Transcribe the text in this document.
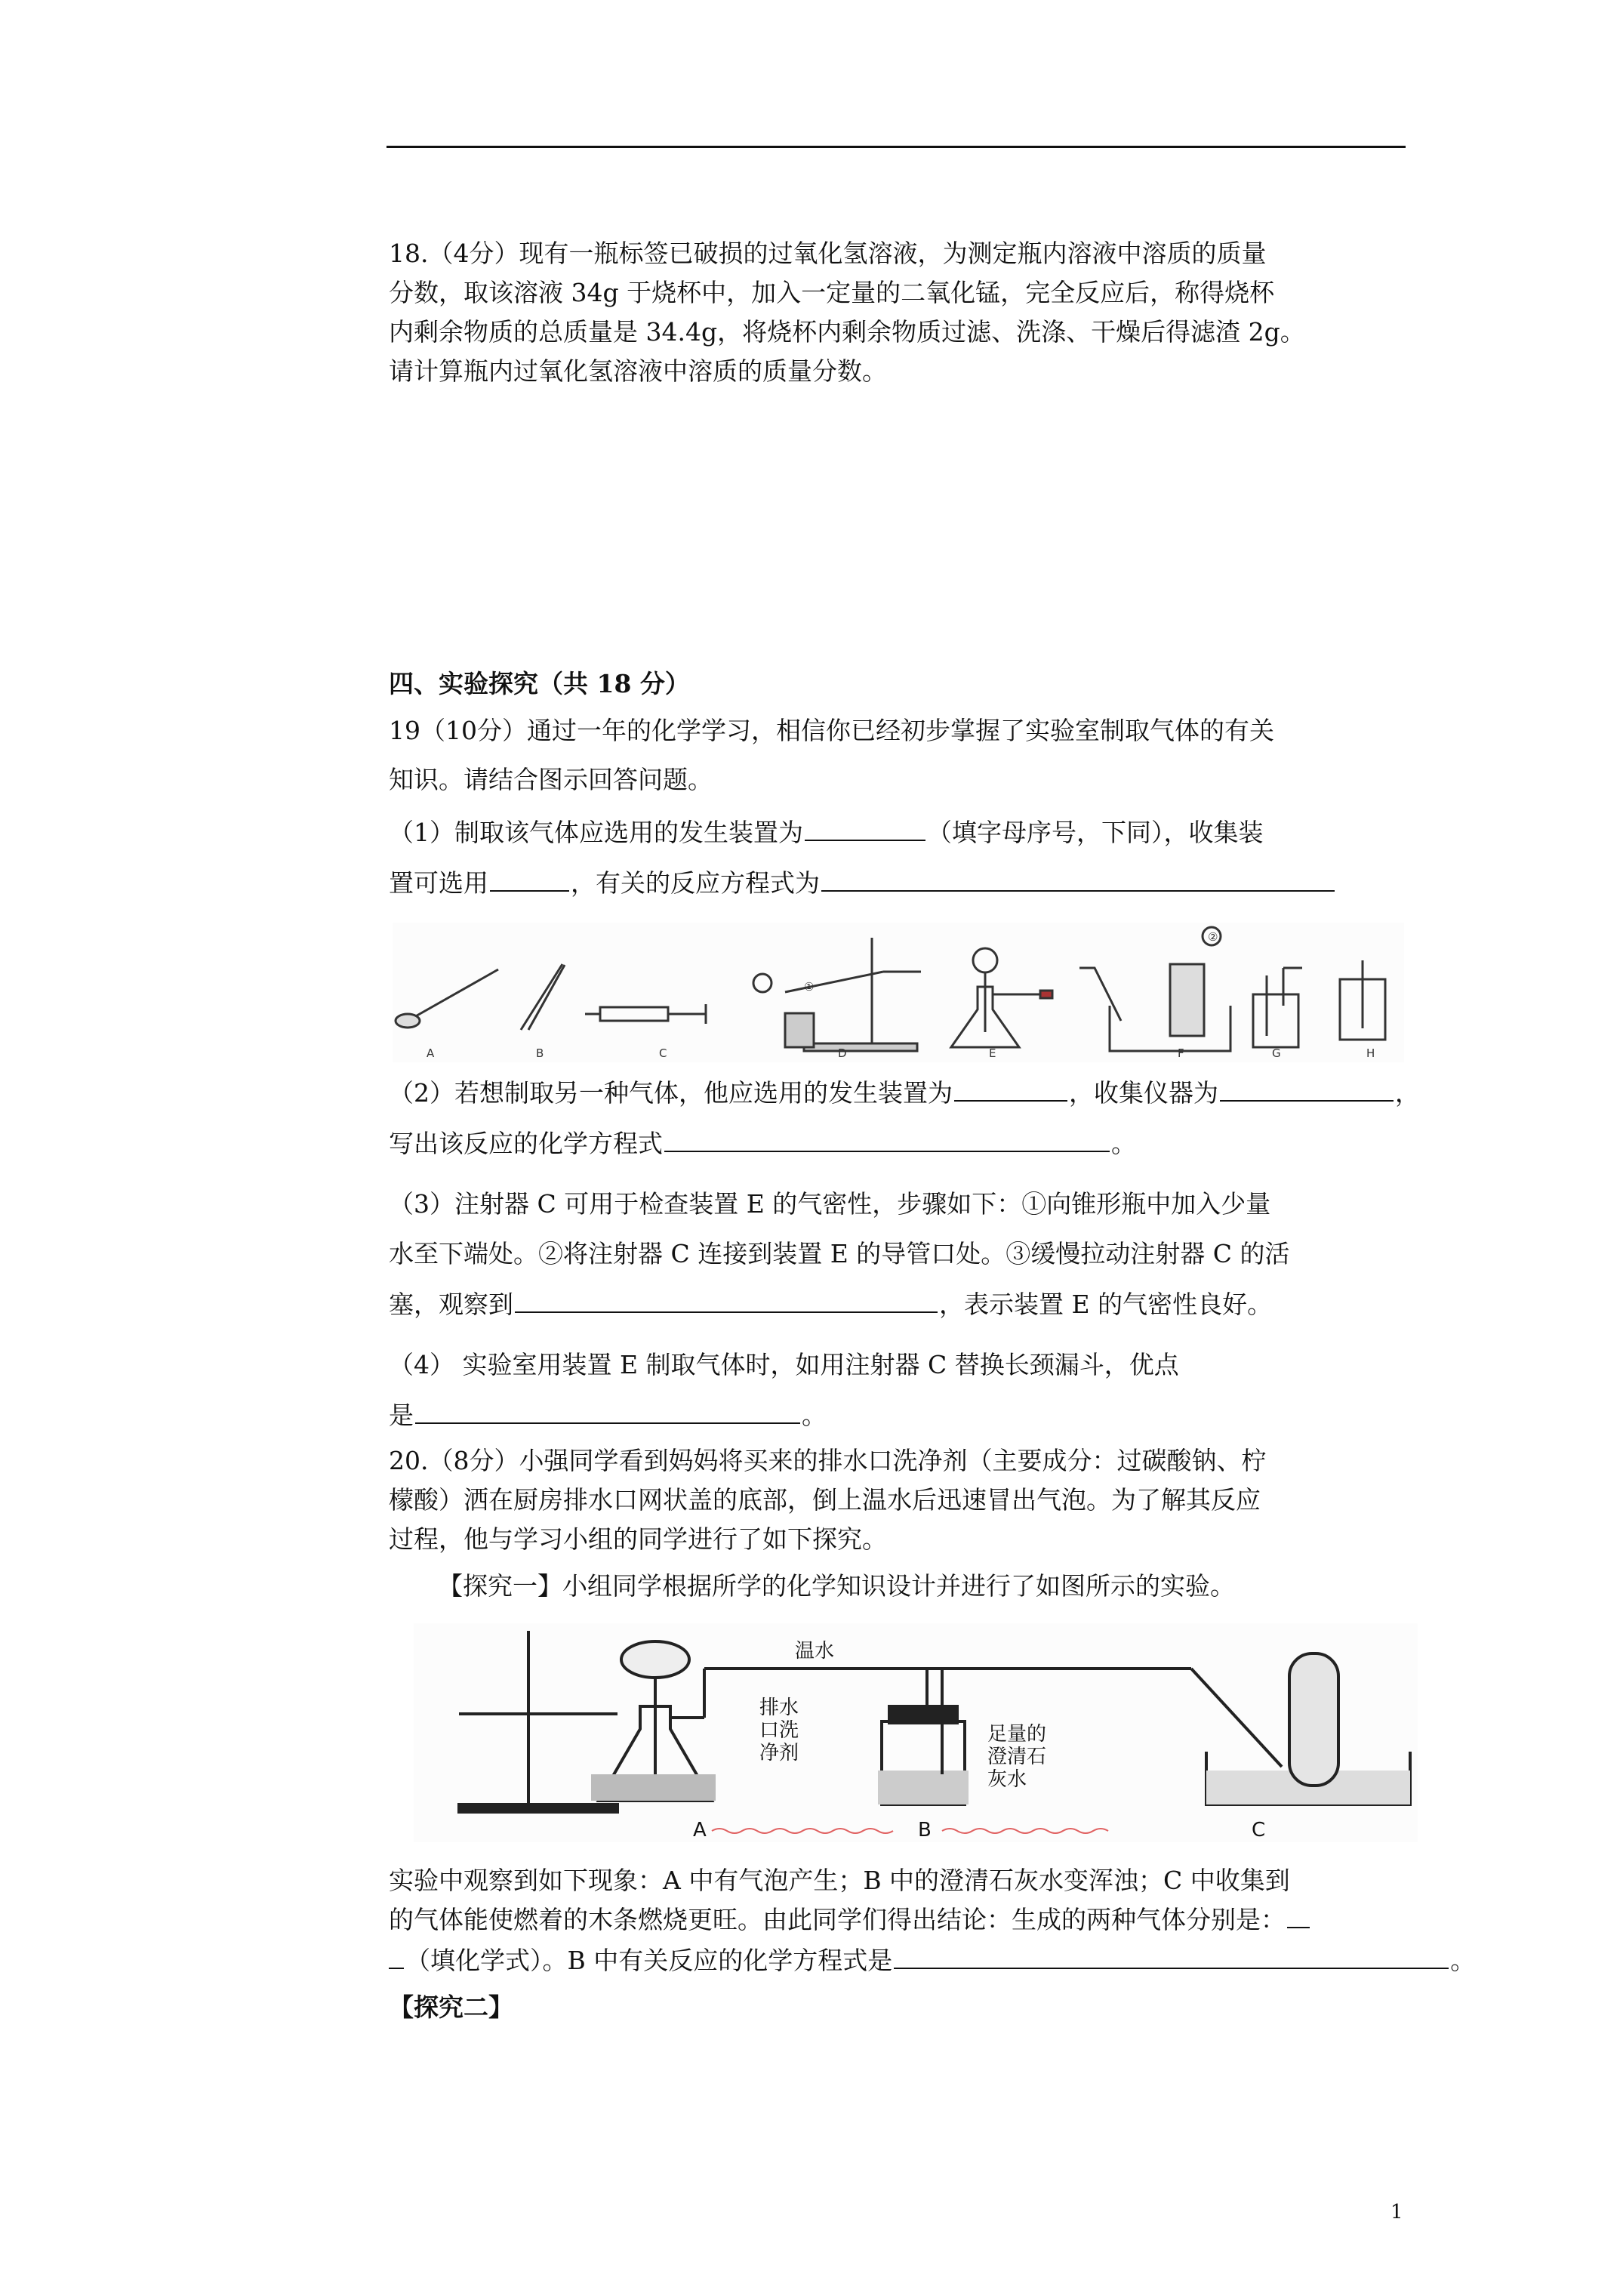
18.（4分）现有一瓶标签已破损的过氧化氢溶液，为测定瓶内溶液中溶质的质量
分数，取该溶液 34g 于烧杯中，加入一定量的二氧化锰，完全反应后，称得烧杯
内剩余物质的总质量是 34.4g，将烧杯内剩余物质过滤、洗涤、干燥后得滤渣 2g。
请计算瓶内过氧化氢溶液中溶质的质量分数。
四、实验探究（共 18 分）
19（10分）通过一年的化学学习，相信你已经初步掌握了实验室制取气体的有关
知识。请结合图示回答问题。
（1）制取该气体应选用的发生装置为	（填字母序号，下同），收集装
置可选用	，有关的反应方程式为
①
②
A	B	C	D	E	F	G	H
（2）若想制取另一种气体，他应选用的发生装置为	，收集仪器为	，
写出该反应的化学方程式	。
（3）注射器 C 可用于检查装置 E 的气密性，步骤如下：①向锥形瓶中加入少量
水至下端处。②将注射器 C 连接到装置 E 的导管口处。③缓慢拉动注射器 C 的活
塞，观察到	，表示装置 E 的气密性良好。
（4） 实验室用装置 E 制取气体时，如用注射器 C 替换长颈漏斗，优点
是	。
20.（8分）小强同学看到妈妈将买来的排水口洗净剂（主要成分：过碳酸钠、柠
檬酸）洒在厨房排水口网状盖的底部，倒上温水后迅速冒出气泡。为了解其反应
过程，他与学习小组的同学进行了如下探究。
【探究一】小组同学根据所学的化学知识设计并进行了如图所示的实验。
温水
排水
口洗
净剂
足量的
澄清石
灰水
A	B	C
实验中观察到如下现象：A 中有气泡产生；B 中的澄清石灰水变浑浊；C 中收集到
的气体能使燃着的木条燃烧更旺。由此同学们得出结论：生成的两种气体分别是：
（填化学式）。B 中有关反应的化学方程式是	。
【探究二】
1
